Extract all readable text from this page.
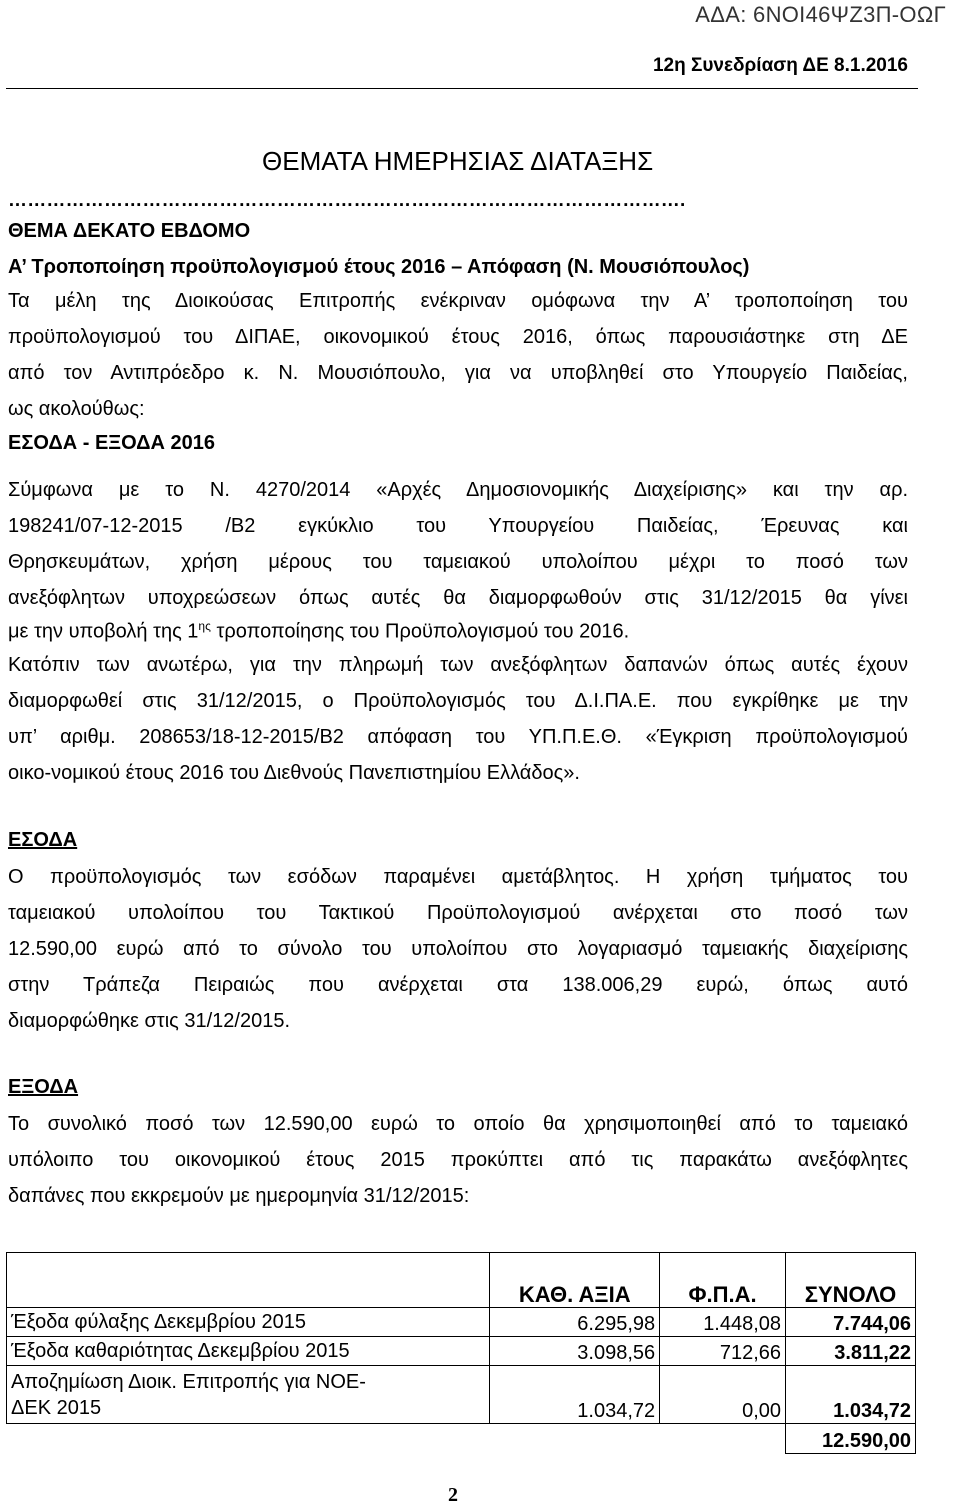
ΑΔΑ: 6ΝΟΙ46ΨΖ3Π-ΟΩΓ
12η Συνεδρίαση ΔΕ 8.1.2016
ΘΕΜΑΤΑ ΗΜΕΡΗΣΙΑΣ ΔΙΑΤΑΞΗΣ
…………………………………………………………………………………………….
ΘΕΜΑ ΔΕΚΑΤΟ ΕΒΔΟΜΟ
Α’ Τροποποίηση προϋπολογισμού έτους 2016 – Απόφαση (Ν. Μουσιόπουλος)
Τα μέλη της Διοικούσας Επιτροπής ενέκριναν ομόφωνα την Α’ τροποποίηση του
προϋπολογισμού του ΔΙΠΑΕ, οικονομικού έτους 2016, όπως παρουσιάστηκε στη ΔΕ
από τον Αντιπρόεδρο κ. Ν. Μουσιόπουλο, για να υποβληθεί στο Υπουργείο Παιδείας,
ως ακολούθως:
ΕΣΟΔΑ - ΕΞΟΔΑ 2016
Σύμφωνα με το Ν. 4270/2014 «Αρχές Δημοσιονομικής Διαχείρισης» και την αρ.
198241/07-12-2015 /Β2 εγκύκλιο του Υπουργείου Παιδείας, Έρευνας και
Θρησκευμάτων, χρήση μέρους του ταμειακού υπολοίπου μέχρι το ποσό των
ανεξόφλητων υποχρεώσεων όπως αυτές θα διαμορφωθούν στις 31/12/2015 θα γίνει
με την υποβολή της $1^{\eta\varsigma}$ τροποποίησης του Προϋπολογισμού του 2016.
Κατόπιν των ανωτέρω, για την πληρωμή των ανεξόφλητων δαπανών όπως αυτές έχουν
διαμορφωθεί στις 31/12/2015, ο Προϋπολογισμός του Δ.Ι.ΠΑ.Ε. που εγκρίθηκε με την
υπ’ αριθμ. 208653/18-12-2015/Β2 απόφαση του ΥΠ.Π.Ε.Θ. «Έγκριση προϋπολογισμού
οικο-νομικού έτους 2016 του Διεθνούς Πανεπιστημίου Ελλάδος».
ΕΣΟΔΑ
Ο προϋπολογισμός των εσόδων παραμένει αμετάβλητος. Η χρήση τμήματος του
ταμειακού υπολοίπου του Τακτικού Προϋπολογισμού ανέρχεται στο ποσό των
12.590,00 ευρώ από το σύνολο του υπολοίπου στο λογαριασμό ταμειακής διαχείρισης
στην Τράπεζα Πειραιώς που ανέρχεται στα 138.006,29 ευρώ, όπως αυτό
διαμορφώθηκε στις 31/12/2015.
ΕΞΟΔΑ
Το συνολικό ποσό των 12.590,00 ευρώ το οποίο θα χρησιμοποιηθεί από το ταμειακό
υπόλοιπο του οικονομικού έτους 2015 προκύπτει από τις παρακάτω ανεξόφλητες
δαπάνες που εκκρεμούν με ημερομηνία 31/12/2015:
	ΚΑΘ. ΑΞΙΑ	Φ.Π.Α.	ΣΥΝΟΛΟ
Έξοδα φύλαξης Δεκεμβρίου 2015	6.295,98	1.448,08	7.744,06
Έξοδα καθαριότητας Δεκεμβρίου 2015	3.098,56	712,66	3.811,22

Αποζημίωση Διοικ. Επιτροπής για ΝΟΕ-
ΔΕΚ 2015	1.034,72	0,00	1.034,72
			12.590,00
2
